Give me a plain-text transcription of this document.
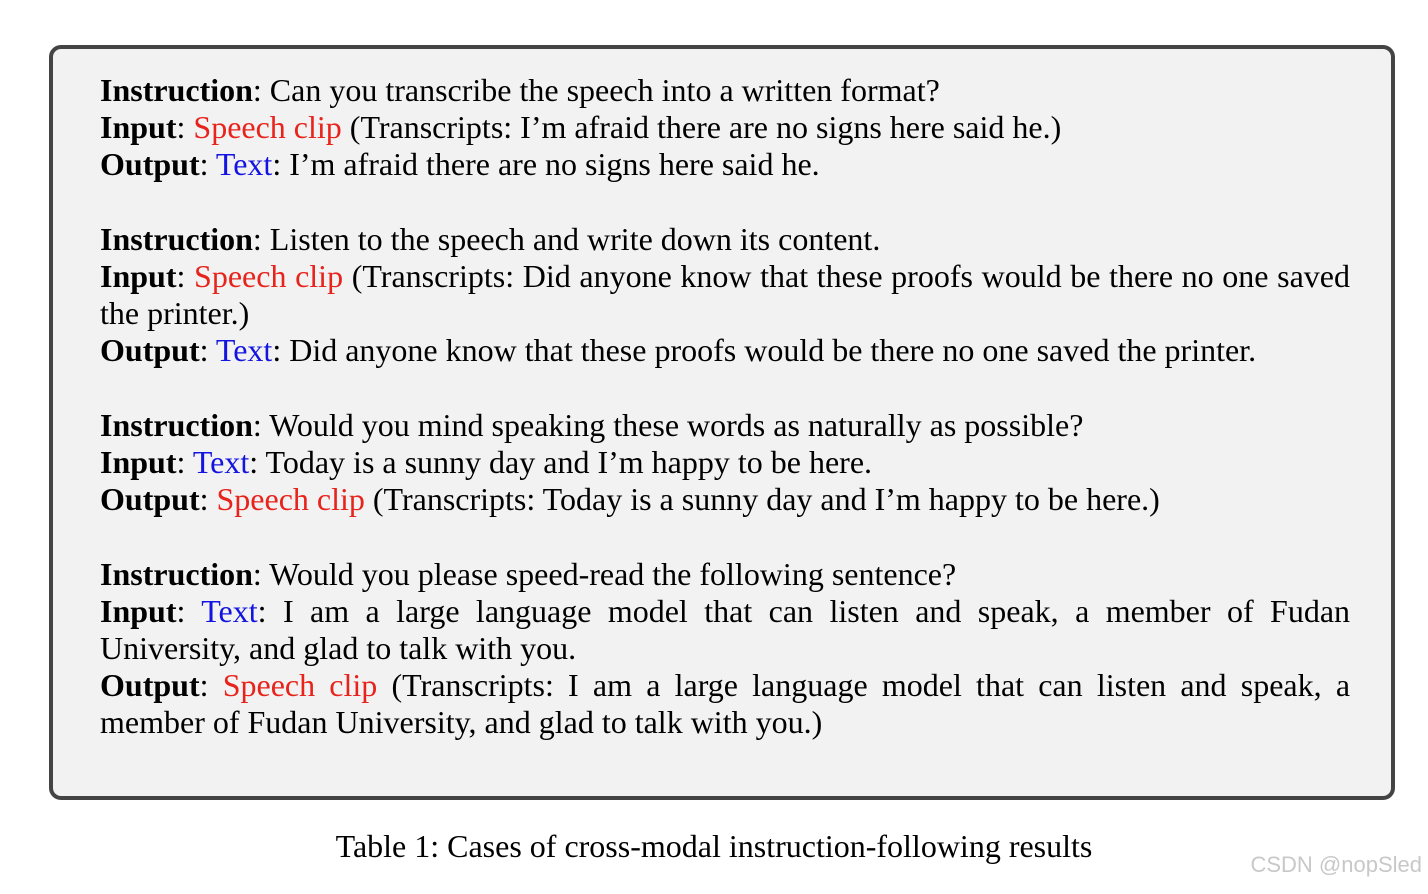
Instruction: Can you transcribe the speech into a written format?
Input: Speech clip (Transcripts: I’m afraid there are no signs here said he.)
Output: Text: I’m afraid there are no signs here said he.
Instruction: Listen to the speech and write down its content.
Input: Speech clip (Transcripts: Did anyone know that these proofs would be there no one saved the printer.)
Output: Text: Did anyone know that these proofs would be there no one saved the printer.
Instruction: Would you mind speaking these words as naturally as possible?
Input: Text: Today is a sunny day and I’m happy to be here.
Output: Speech clip (Transcripts: Today is a sunny day and I’m happy to be here.)
Instruction: Would you please speed-read the following sentence?
Input: Text: I am a large language model that can listen and speak, a member of Fudan University, and glad to talk with you.
Output: Speech clip (Transcripts: I am a large language model that can listen and speak, a member of Fudan University, and glad to talk with you.)
Table 1: Cases of cross-modal instruction-following results
CSDN @nopSled
